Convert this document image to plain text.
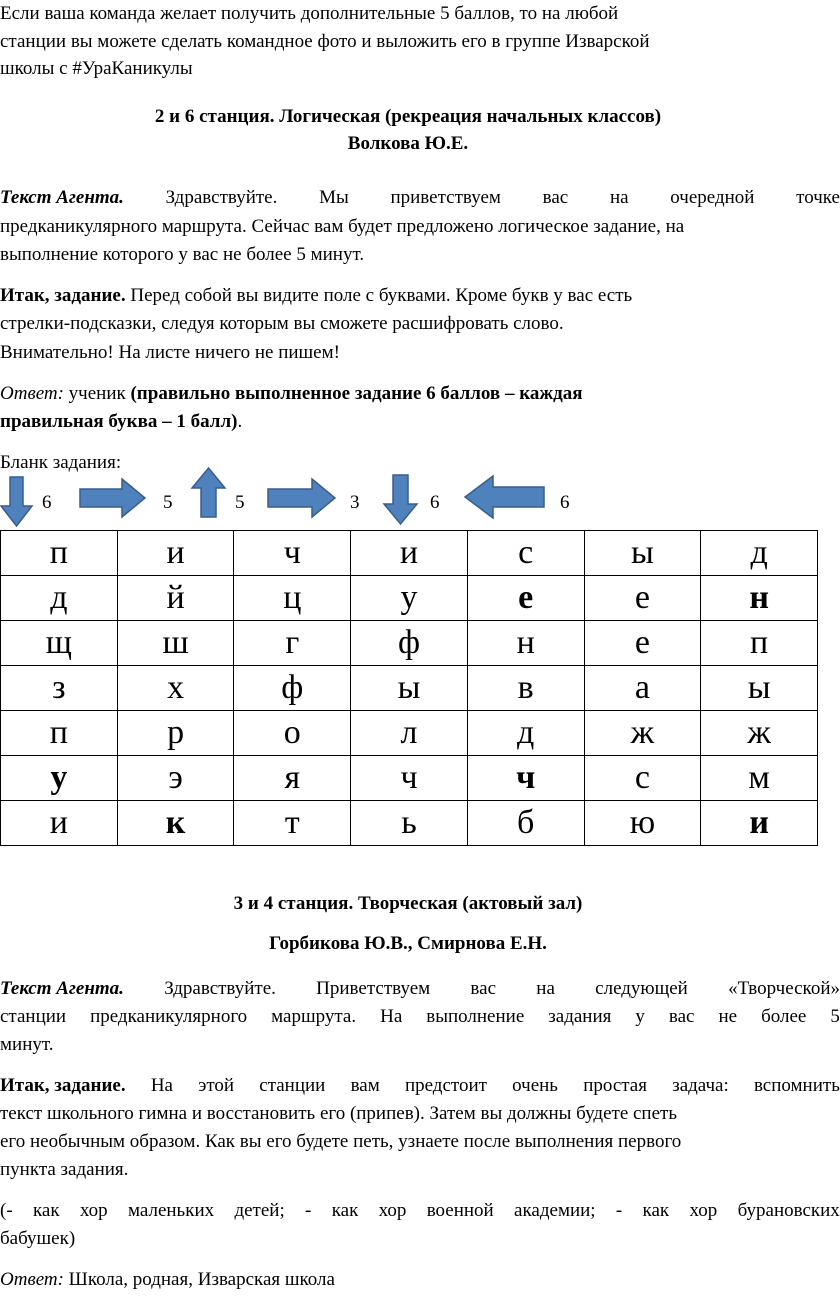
Если ваша команда желает получить дополнительные 5 баллов, то на любой
станции вы можете сделать командное фото и выложить его в группе Изварской
школы с #УраКаникулы
2 и 6 станция. Логическая (рекреация начальных классов)
Волкова Ю.Е.
Текст Агента. Здравствуйте. Мы приветствуем вас на очередной точке
предканикулярного маршрута. Сейчас вам будет предложено логическое задание, на
выполнение которого у вас не более 5 минут.
Итак, задание. Перед собой вы видите поле с буквами. Кроме букв у вас есть
стрелки-подсказки, следуя которым вы сможете расшифровать слово.
Внимательно! На листе ничего не пишем!
Ответ: ученик (правильно выполненное задание 6 баллов – каждая
правильная буква – 1 балл).
Бланк задания:
6	5	5	3	6	6
п	и	ч	и	с	ы	д
д	й	ц	у	е	е	н
щ	ш	г	ф	н	е	п
з	х	ф	ы	в	а	ы
п	р	о	л	д	ж	ж
у	э	я	ч	ч	с	м
и	к	т	ь	б	ю	и
3 и 4 станция. Творческая (актовый зал)
Горбикова Ю.В., Смирнова Е.Н.
Текст Агента. Здравствуйте. Приветствуем вас на следующей «Творческой»
станции предканикулярного маршрута. На выполнение задания у вас не более 5
минут.
Итак, задание. На этой станции вам предстоит очень простая задача: вспомнить
текст школьного гимна и восстановить его (припев). Затем вы должны будете спеть
его необычным образом. Как вы его будете петь, узнаете после выполнения первого
пункта задания.
(- как хор маленьких детей; - как хор военной академии; - как хор бурановских
бабушек)
Ответ: Школа, родная, Изварская школа
